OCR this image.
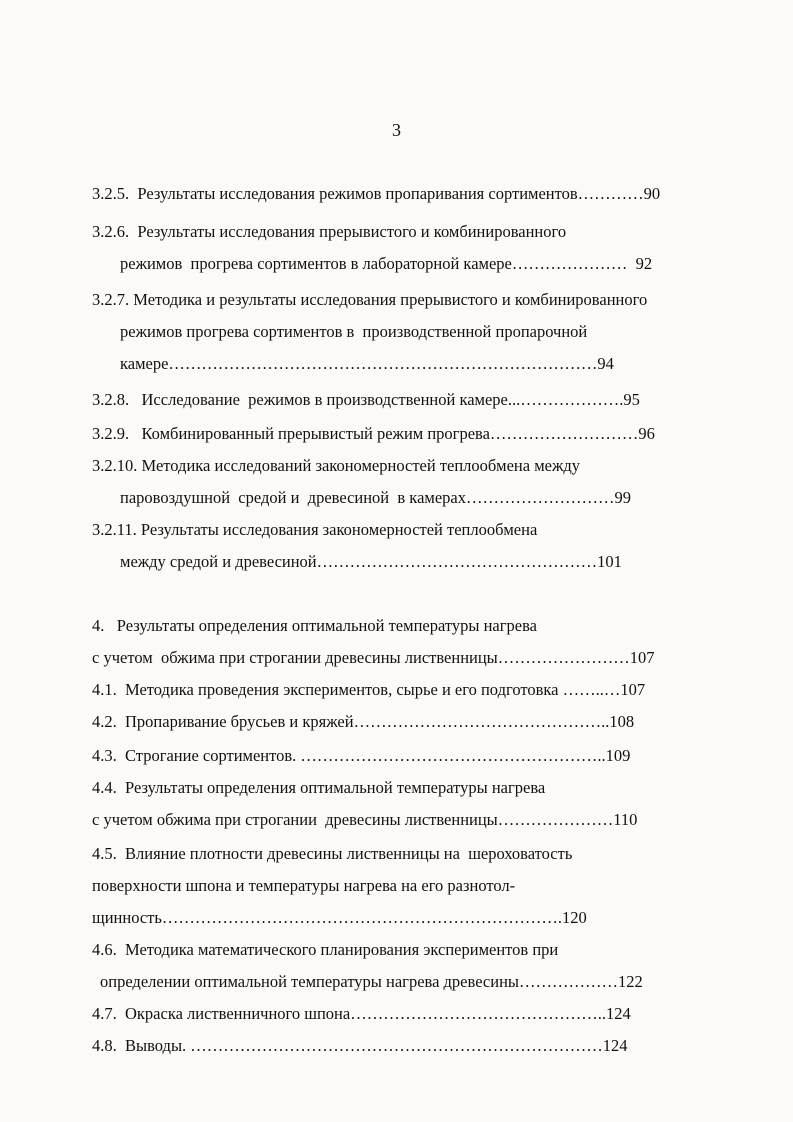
3
3.2.5.  Результаты исследования режимов пропаривания сортиментов…………90
3.2.6.  Результаты исследования прерывистого и комбинированного
режимов  прогрева сортиментов в лабораторной камере…………………  92
3.2.7. Методика и результаты исследования прерывистого и комбинированного
режимов прогрева сортиментов в  производственной пропарочной
камере……………………………………………………………………94
3.2.8.   Исследование  режимов в производственной камере...……………….95
3.2.9.   Комбинированный прерывистый режим прогрева………………………96
3.2.10. Методика исследований закономерностей теплообмена между
паровоздушной  средой и  древесиной  в камерах………………………99
3.2.11. Результаты исследования закономерностей теплообмена
между средой и древесиной……………………………………………101
4.   Результаты определения оптимальной температуры нагрева
с учетом  обжима при строгании древесины лиственницы……………………107
4.1.  Методика проведения экспериментов, сырье и его подготовка ……..…107
4.2.  Пропаривание брусьев и кряжей………………………………………..108
4.3.  Строгание сортиментов. ………………………………………………..109
4.4.  Результаты определения оптимальной температуры нагрева
с учетом обжима при строгании  древесины лиственницы…………………110
4.5.  Влияние плотности древесины лиственницы на  шероховатость
поверхности шпона и температуры нагрева на его разнотол-
щинность……………………………………………………………….120
4.6.  Методика математического планирования экспериментов при
определении оптимальной температуры нагрева древесины………………122
4.7.  Окраска лиственничного шпона………………………………………..124
4.8.  Выводы. …………………………………………………………………124
